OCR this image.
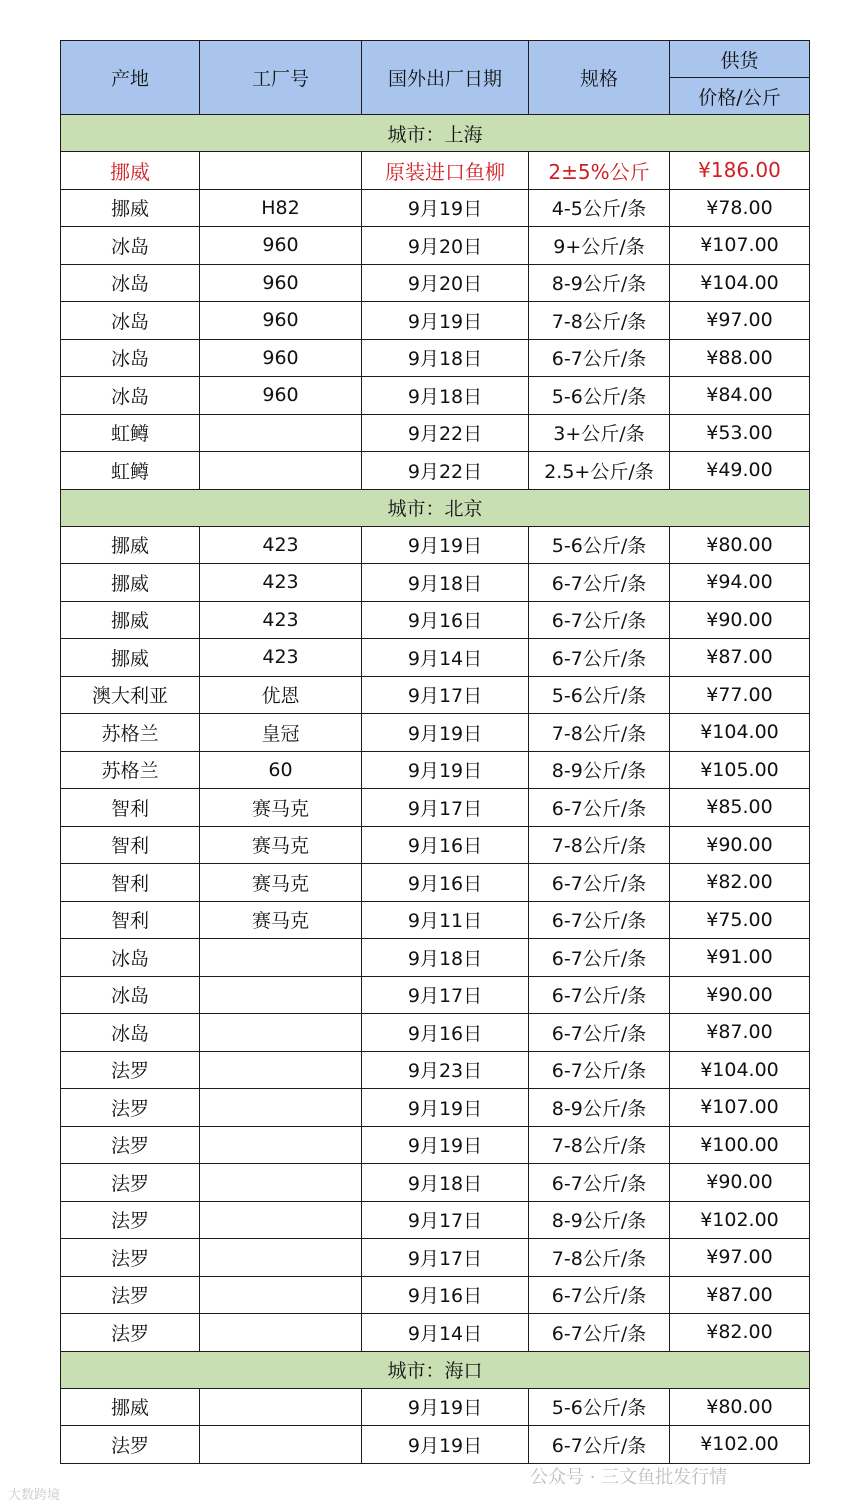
产地	工厂号	国外出厂日期	规格	供货
				价格/公斤
城市：上海				
挪威		原装进口鱼柳	2±5%公斤	¥186.00
挪威	H82	9月19日	4-5公斤/条	¥78.00
冰岛	960	9月20日	9+公斤/条	¥107.00
冰岛	960	9月20日	8-9公斤/条	¥104.00
冰岛	960	9月19日	7-8公斤/条	¥97.00
冰岛	960	9月18日	6-7公斤/条	¥88.00
冰岛	960	9月18日	5-6公斤/条	¥84.00
虹鳟		9月22日	3+公斤/条	¥53.00
虹鳟		9月22日	2.5+公斤/条	¥49.00
城市：北京				
挪威	423	9月19日	5-6公斤/条	¥80.00
挪威	423	9月18日	6-7公斤/条	¥94.00
挪威	423	9月16日	6-7公斤/条	¥90.00
挪威	423	9月14日	6-7公斤/条	¥87.00
澳大利亚	优恩	9月17日	5-6公斤/条	¥77.00
苏格兰	皇冠	9月19日	7-8公斤/条	¥104.00
苏格兰	60	9月19日	8-9公斤/条	¥105.00
智利	赛马克	9月17日	6-7公斤/条	¥85.00
智利	赛马克	9月16日	7-8公斤/条	¥90.00
智利	赛马克	9月16日	6-7公斤/条	¥82.00
智利	赛马克	9月11日	6-7公斤/条	¥75.00
冰岛		9月18日	6-7公斤/条	¥91.00
冰岛		9月17日	6-7公斤/条	¥90.00
冰岛		9月16日	6-7公斤/条	¥87.00
法罗		9月23日	6-7公斤/条	¥104.00
法罗		9月19日	8-9公斤/条	¥107.00
法罗		9月19日	7-8公斤/条	¥100.00
法罗		9月18日	6-7公斤/条	¥90.00
法罗		9月17日	8-9公斤/条	¥102.00
法罗		9月17日	7-8公斤/条	¥97.00
法罗		9月16日	6-7公斤/条	¥87.00
法罗		9月14日	6-7公斤/条	¥82.00
城市：海口				
挪威		9月19日	5-6公斤/条	¥80.00
法罗		9月19日	6-7公斤/条	¥102.00
大数跨境
公众号 · 三文鱼批发行情
